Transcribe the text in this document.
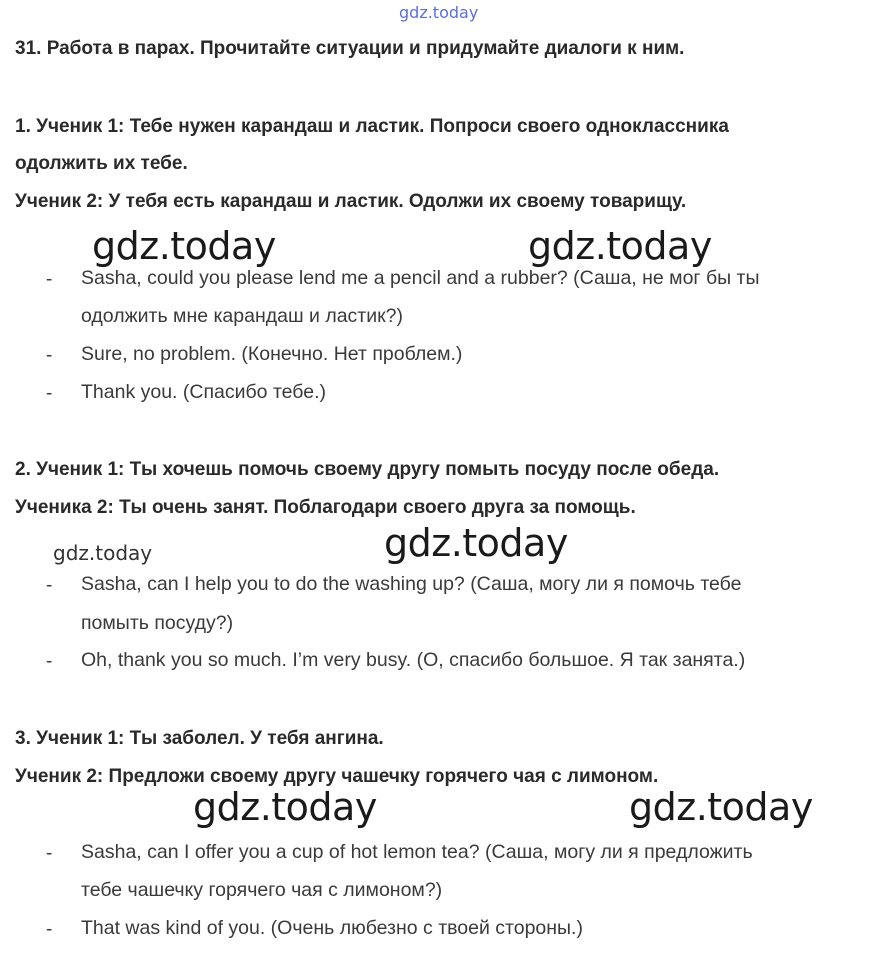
gdz.today
31. Работа в парах. Прочитайте ситуации и придумайте диалоги к ним.
1. Ученик 1: Тебе нужен карандаш и ластик. Попроси своего одноклассника
одолжить их тебе.
Ученик 2: У тебя есть карандаш и ластик. Одолжи их своему товарищу.
gdz.today	gdz.today
- Sasha, could you please lend me a pencil and a rubber? (Саша, не мог бы ты
одолжить мне карандаш и ластик?)
- Sure, no problem. (Конечно. Нет проблем.)
- Thank you. (Спасибо тебе.)
2. Ученик 1: Ты хочешь помочь своему другу помыть посуду после обеда.
Ученика 2: Ты очень занят. Поблагодари своего друга за помощь.
gdz.today	gdz.today
- Sasha, can I help you to do the washing up? (Саша, могу ли я помочь тебе
помыть посуду?)
- Oh, thank you so much. I’m very busy. (О, спасибо большое. Я так занята.)
3. Ученик 1: Ты заболел. У тебя ангина.
Ученик 2: Предложи своему другу чашечку горячего чая с лимоном.
gdz.today	gdz.today
- Sasha, can I offer you a cup of hot lemon tea? (Саша, могу ли я предложить
тебе чашечку горячего чая с лимоном?)
- That was kind of you. (Очень любезно с твоей стороны.)
